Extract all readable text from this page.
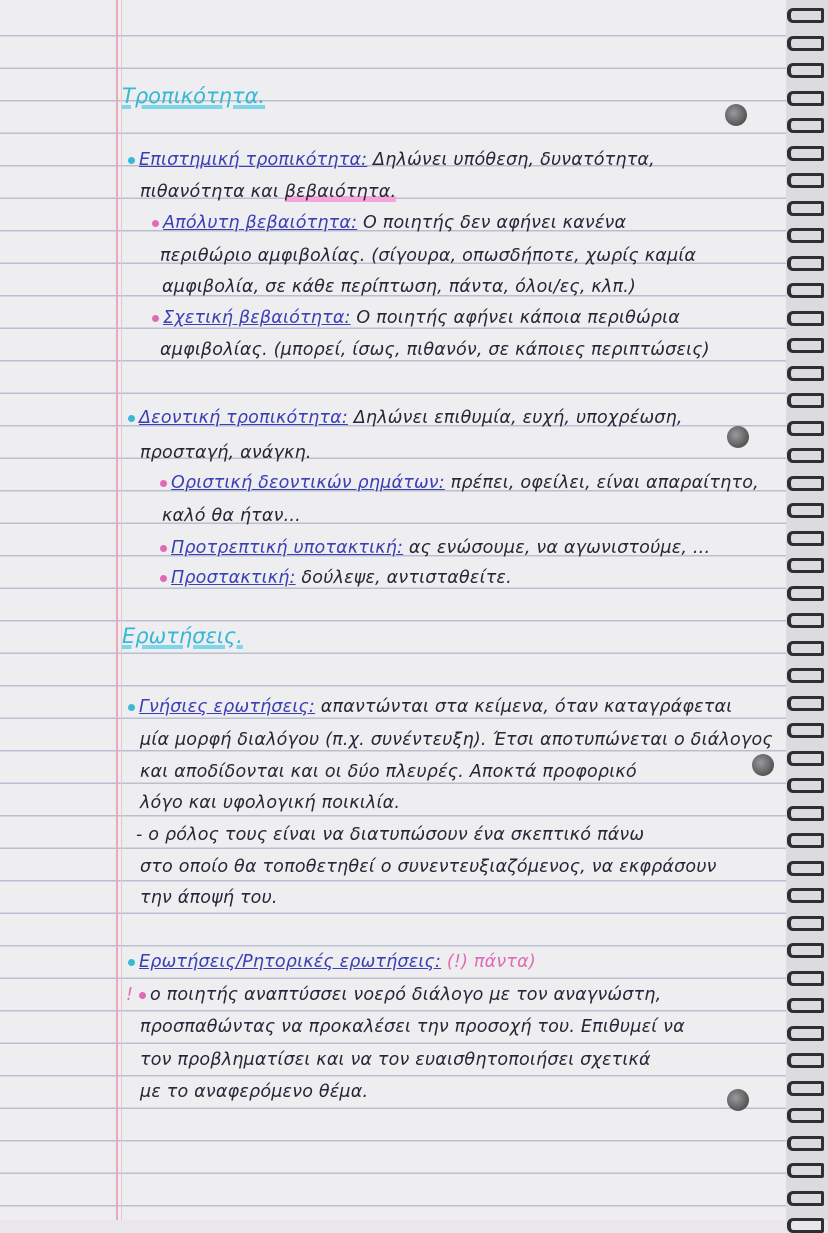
Τροπικότητα.
Επιστημική τροπικότητα: Δηλώνει υπόθεση, δυνατότητα,
πιθανότητα και βεβαιότητα.
Απόλυτη βεβαιότητα: Ο ποιητής δεν αφήνει κανένα
περιθώριο αμφιβολίας. (σίγουρα, οπωσδήποτε, χωρίς καμία
αμφιβολία, σε κάθε περίπτωση, πάντα, όλοι/ες, κλπ.)
Σχετική βεβαιότητα: Ο ποιητής αφήνει κάποια περιθώρια
αμφιβολίας. (μπορεί, ίσως, πιθανόν, σε κάποιες περιπτώσεις)
Δεοντική τροπικότητα: Δηλώνει επιθυμία, ευχή, υποχρέωση,
προσταγή, ανάγκη.
Οριστική δεοντικών ρημάτων: πρέπει, οφείλει, είναι απαραίτητο,
καλό θα ήταν...
Προτρεπτική υποτακτική: ας ενώσουμε, να αγωνιστούμε, ...
Προστακτική: δούλεψε, αντισταθείτε.
Ερωτήσεις.
Γνήσιες ερωτήσεις: απαντώνται στα κείμενα, όταν καταγράφεται
μία μορφή διαλόγου (π.χ. συνέντευξη). Έτσι αποτυπώνεται ο διάλογος
και αποδίδονται και οι δύο πλευρές. Αποκτά προφορικό
λόγο και υφολογική ποικιλία.
- ο ρόλος τους είναι να διατυπώσουν ένα σκεπτικό πάνω
στο οποίο θα τοποθετηθεί ο συνεντευξιαζόμενος, να εκφράσουν
την άποψή του.
Ερωτήσεις/Ρητορικές ερωτήσεις: (!) πάντα)
! ο ποιητής αναπτύσσει νοερό διάλογο με τον αναγνώστη,
προσπαθώντας να προκαλέσει την προσοχή του. Επιθυμεί να
τον προβληματίσει και να τον ευαισθητοποιήσει σχετικά
με το αναφερόμενο θέμα.
